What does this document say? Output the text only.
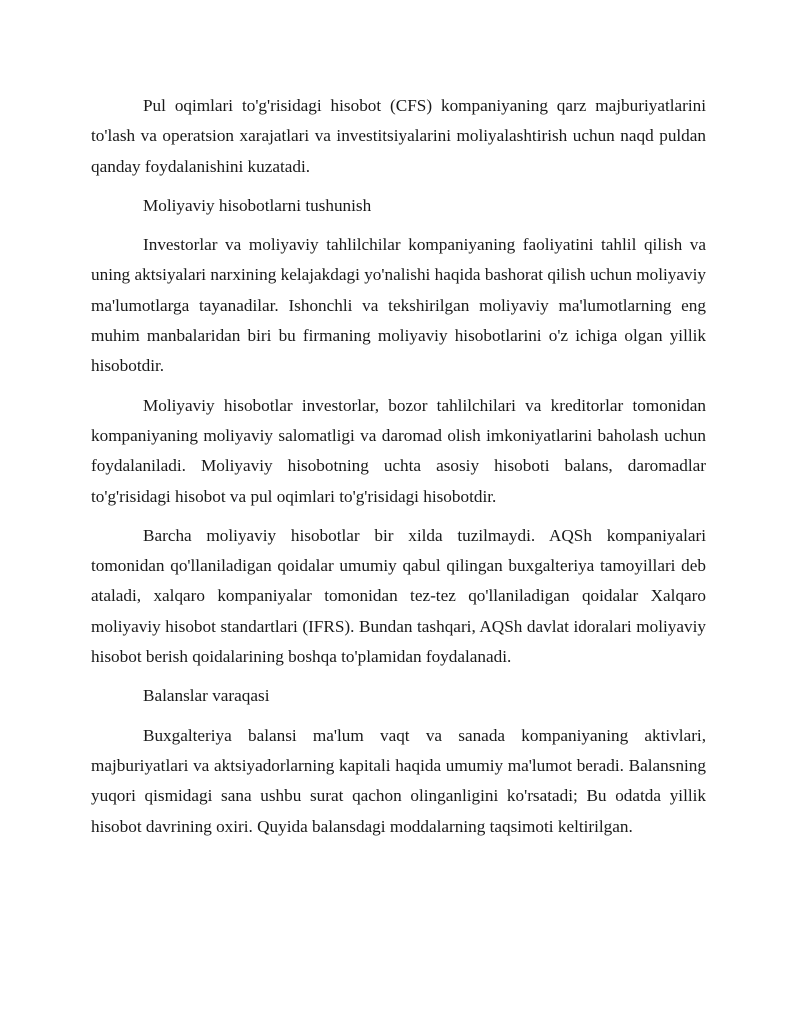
Pul oqimlari to'g'risidagi hisobot (CFS) kompaniyaning qarz majburiyatlarini to'lash va operatsion xarajatlari va investitsiyalarini moliyalashtirish uchun naqd puldan qanday foydalanishini kuzatadi.

Moliyaviy hisobotlarni tushunish

Investorlar va moliyaviy tahlilchilar kompaniyaning faoliyatini tahlil qilish va uning aktsiyalari narxining kelajakdagi yo'nalishi haqida bashorat qilish uchun moliyaviy ma'lumotlarga tayanadilar. Ishonchli va tekshirilgan moliyaviy ma'lumotlarning eng muhim manbalaridan biri bu firmaning moliyaviy hisobotlarini o'z ichiga olgan yillik hisobotdir.

Moliyaviy hisobotlar investorlar, bozor tahlilchilari va kreditorlar tomonidan kompaniyaning moliyaviy salomatligi va daromad olish imkoniyatlarini baholash uchun foydalaniladi. Moliyaviy hisobotning uchta asosiy hisoboti balans, daromadlar to'g'risidagi hisobot va pul oqimlari to'g'risidagi hisobotdir.

Barcha moliyaviy hisobotlar bir xilda tuzilmaydi. AQSh kompaniyalari tomonidan qo'llaniladigan qoidalar umumiy qabul qilingan buxgalteriya tamoyillari deb ataladi, xalqaro kompaniyalar tomonidan tez-tez qo'llaniladigan qoidalar Xalqaro moliyaviy hisobot standartlari (IFRS). Bundan tashqari, AQSh davlat idoralari moliyaviy hisobot berish qoidalarining boshqa to'plamidan foydalanadi.

Balanslar varaqasi

Buxgalteriya balansi ma'lum vaqt va sanada kompaniyaning aktivlari, majburiyatlari va aktsiyadorlarning kapitali haqida umumiy ma'lumot beradi. Balansning yuqori qismidagi sana ushbu surat qachon olinganligini ko'rsatadi; Bu odatda yillik hisobot davrining oxiri. Quyida balansdagi moddalarning taqsimoti keltirilgan.
